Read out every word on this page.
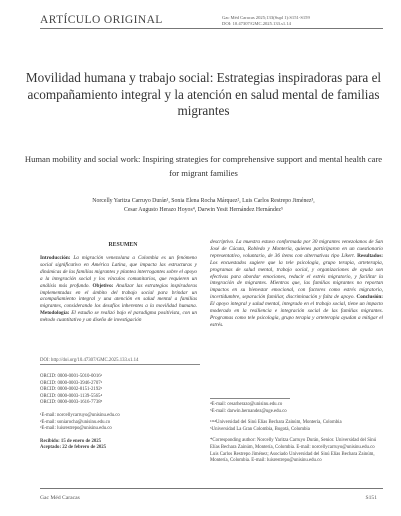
ARTÍCULO ORIGINAL	Gac Méd Caracas 2025;133(Supl 1):S151-S159
DOI: 10.47307/GMC.2025.133.s1.14
Movilidad humana y trabajo social: Estrategias inspiradoras para el acompañamiento integral y la atención en salud mental de familias migrantes
Human mobility and social work: Inspiring strategies for comprehensive support and mental health care for migrant families
Norcelly Yaritza Carruyo Durán¹, Sonia Elena Rocha Márquez², Luis Carlos Restrepo Jiménez³,
Cesar Augusto Herazo Hoyos⁴, Darwin Yesit Hernández Hernández⁵
RESUMEN
Introducción: La migración venezolana a Colombia es un fenómeno social significativo en América Latina, que impacta las estructuras y dinámicas de las familias migrantes y plantea interrogantes sobre el apoyo a la integración social y los vínculos comunitarios, que requieren un análisis más profundo. Objetivo: Analizar las estrategias inspiradoras implementadas en el ámbito del trabajo social para brindar un acompañamiento integral y una atención en salud mental a familias migrantes, considerando los desafíos inherentes a la movilidad humana. Metodología: El estudio se realizó bajo el paradigma positivista, con un método cuantitativo y un diseño de investigación
descriptivo. La muestra estuvo conformada por 30 migrantes venezolanos de San José de Cúcuta, Robledo y Montería, quienes participaron en un cuestionario representativo, voluntario, de 36 ítems con alternativas tipo Likert. Resultados: Los encuestados sugiere que la tele psicología, grupo terapia, arteterapia, programas de salud mental, trabajo social, y organizaciones de ayuda son efectivas para abordar emociones, reducir el estrés migratorio, y facilitar la integración de migrantes. Mientras que, las familias migrantes no reportan impactos en su bienestar emocional, con factores como estrés migratorio, incertidumbre, separación familiar, discriminación y falta de apoyo. Conclusión: El apoyo integral y salud mental, integrado en el trabajo social, tiene un impacto moderado en la resiliencia e integración social de las familias migrantes. Programas como tele psicología, grupo terapia y arteterapia ayudan a mitigar el estrés.
DOI: http://doi.org/10.47307/GMC.2025.133.s1.14
ORCID: 0000-0001-5010-0016¹
ORCID: 0000-0003-3946-2707²
ORCID: 0000-0002-8151-2192³
ORCID: 0000-0003-1139-5565⁴
ORCID: 0000-0003-1616-7738⁵
¹E-mail: norcellycarruyo@unisinu.edu.co
²E-mail: soniarocha@unisinu.edu.co
³E-mail: luisrestrepo@unisinu.edu.co
Recibido: 15 de enero de 2025
Aceptado: 22 de febrero de 2025
⁴E-mail: cesarherazo@unisinu.edu.co
⁵E-mail: darwin.hernandez@uge.edu.co
¹²³⁴Universidad del Sinú Elías Bechara Zainúm, Montería, Colombia
⁵Universidad La Gran Colombia, Bogotá, Colombia
*Corresponding author: Norcelly Yaritza Carruyo Durán, Senior. Universidad del Sinú Elías Bechara Zainúm, Montería, Colombia. E-mail: norcellycarruyo@unisinu.edu.co Luis Carlos Restrepo Jiménez; Asociado Universidad del Sinú Elías Bechara Zainúm, Montería, Colombia. E-mail: luisrestrepo@unisinu.edu.co
Gac Méd Caracas	S151
